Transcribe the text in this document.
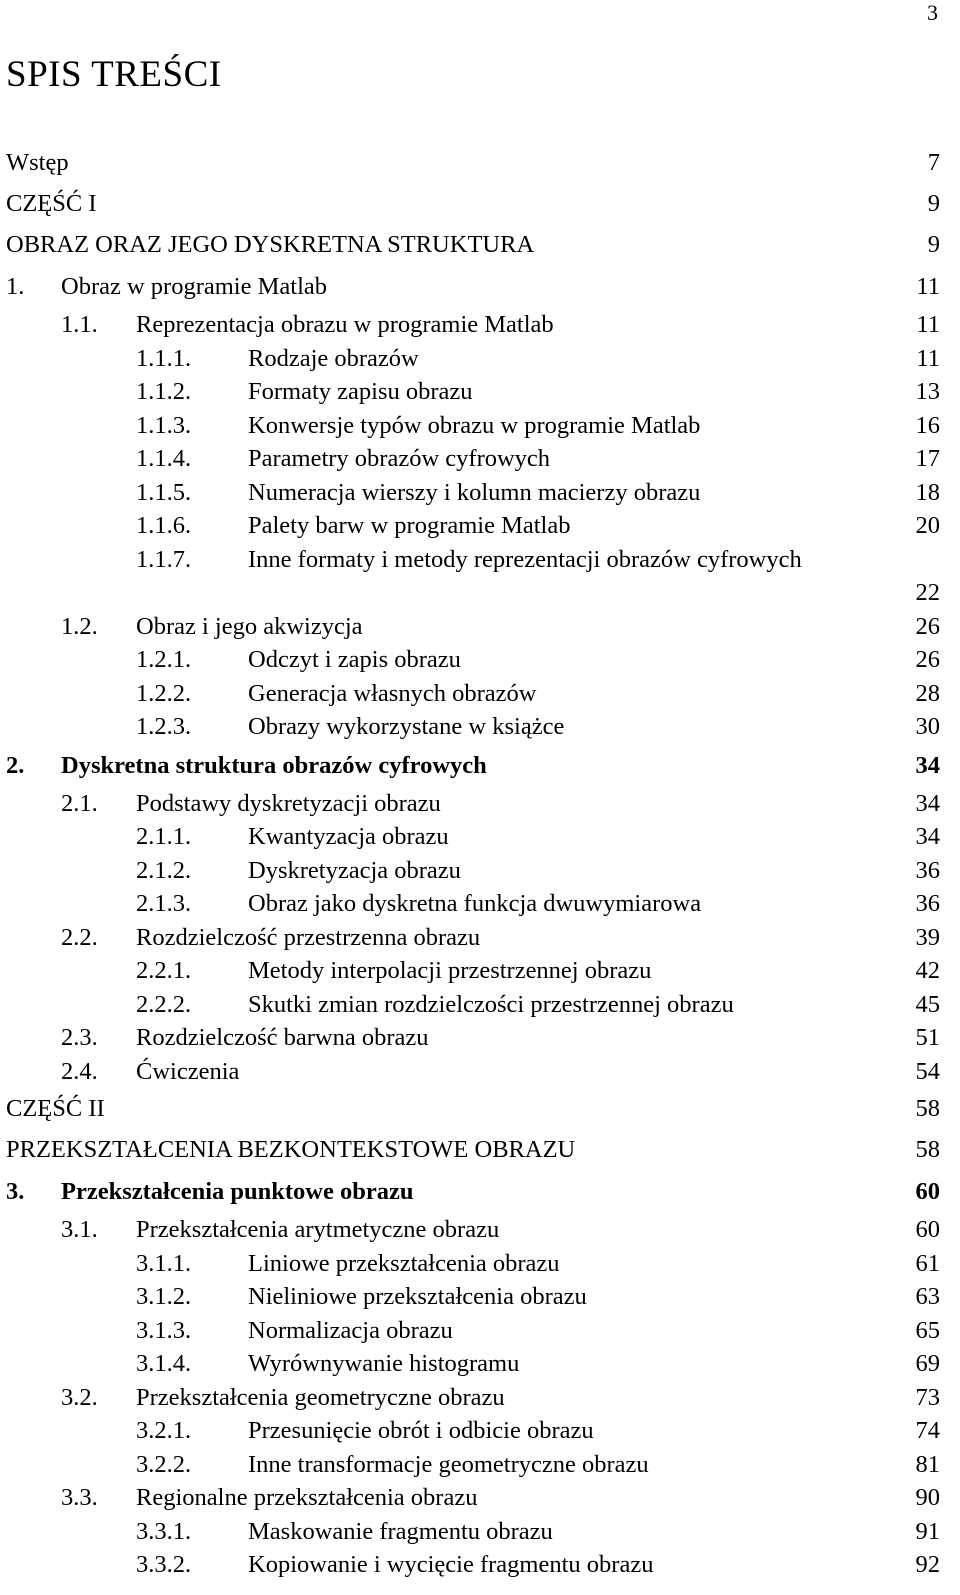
3
SPIS TREŚCI
Wstęp	7
CZĘŚĆ I	9
OBRAZ ORAZ JEGO DYSKRETNA STRUKTURA	9
1. Obraz w programie Matlab	11
1.1. Reprezentacja obrazu w programie Matlab	11
1.1.1. Rodzaje obrazów	11
1.1.2. Formaty zapisu obrazu	13
1.1.3. Konwersje typów obrazu w programie Matlab	16
1.1.4. Parametry obrazów cyfrowych	17
1.1.5. Numeracja wierszy i kolumn macierzy obrazu	18
1.1.6. Palety barw w programie Matlab	20
1.1.7. Inne formaty i metody reprezentacji obrazów cyfrowych
22
1.2. Obraz i jego akwizycja	26
1.2.1. Odczyt i zapis obrazu	26
1.2.2. Generacja własnych obrazów	28
1.2.3. Obrazy wykorzystane w książce	30
2. Dyskretna struktura obrazów cyfrowych	34
2.1. Podstawy dyskretyzacji obrazu	34
2.1.1. Kwantyzacja obrazu	34
2.1.2. Dyskretyzacja obrazu	36
2.1.3. Obraz jako dyskretna funkcja dwuwymiarowa	36
2.2. Rozdzielczość przestrzenna obrazu	39
2.2.1. Metody interpolacji przestrzennej obrazu	42
2.2.2. Skutki zmian rozdzielczości przestrzennej obrazu	45
2.3. Rozdzielczość barwna obrazu	51
2.4. Ćwiczenia	54
CZĘŚĆ II	58
PRZEKSZTAŁCENIA BEZKONTEKSTOWE OBRAZU	58
3. Przekształcenia punktowe obrazu	60
3.1. Przekształcenia arytmetyczne obrazu	60
3.1.1. Liniowe przekształcenia obrazu	61
3.1.2. Nieliniowe przekształcenia obrazu	63
3.1.3. Normalizacja obrazu	65
3.1.4. Wyrównywanie histogramu	69
3.2. Przekształcenia geometryczne obrazu	73
3.2.1. Przesunięcie obrót i odbicie obrazu	74
3.2.2. Inne transformacje geometryczne obrazu	81
3.3. Regionalne przekształcenia obrazu	90
3.3.1. Maskowanie fragmentu obrazu	91
3.3.2. Kopiowanie i wycięcie fragmentu obrazu	92
